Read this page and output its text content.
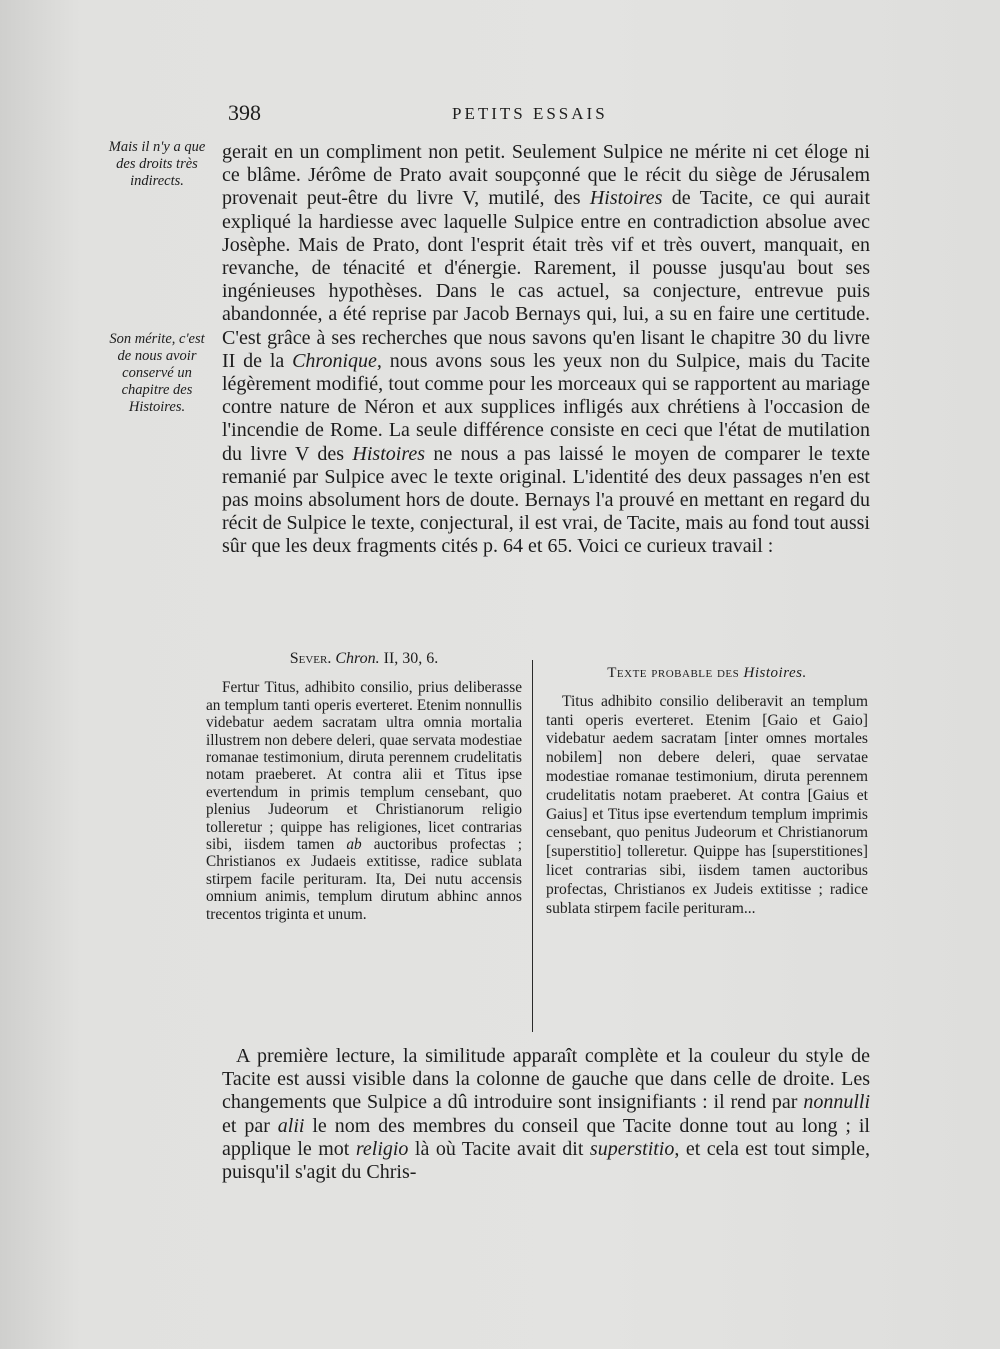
398	PETITS ESSAIS
Mais il n'y a que des droits très indirects.
Son mérite, c'est de nous avoir conservé un chapitre des Histoires.

gerait en un compliment non petit. Seulement Sulpice ne mérite ni cet éloge ni ce blâme. Jérôme de Prato avait soupçonné que le récit du siège de Jérusalem provenait peut-être du livre V, mutilé, des Histoires de Tacite, ce qui aurait expliqué la hardiesse avec laquelle Sulpice entre en contradiction absolue avec Josèphe. Mais de Prato, dont l'esprit était très vif et très ouvert, manquait, en revanche, de ténacité et d'énergie. Rarement, il pousse jusqu'au bout ses ingénieuses hypothèses. Dans le cas actuel, sa conjecture, entrevue puis abandonnée, a été reprise par Jacob Bernays qui, lui, a su en faire une certitude. C'est grâce à ses recherches que nous savons qu'en lisant le chapitre 30 du livre II de la Chronique, nous avons sous les yeux non du Sulpice, mais du Tacite légèrement modifié, tout comme pour les morceaux qui se rapportent au mariage contre nature de Néron et aux supplices infligés aux chrétiens à l'occasion de l'incendie de Rome. La seule différence consiste en ceci que l'état de mutilation du livre V des Histoires ne nous a pas laissé le moyen de comparer le texte remanié par Sulpice avec le texte original. L'identité des deux passages n'en est pas moins absolument hors de doute. Bernays l'a prouvé en mettant en regard du récit de Sulpice le texte, conjectural, il est vrai, de Tacite, mais au fond tout aussi sûr que les deux fragments cités p. 64 et 65. Voici ce curieux travail :

Sever. Chron. II, 30, 6.

Fertur Titus, adhibito consilio, prius deliberasse an templum tanti operis everteret. Etenim nonnullis videbatur aedem sacratam ultra omnia mortalia illustrem non debere deleri, quae servata modestiae romanae testimonium, diruta perennem crudelitatis notam praeberet. At contra alii et Titus ipse evertendum in primis templum censebant, quo plenius Judeorum et Christianorum religio tolleretur ; quippe has religiones, licet contrarias sibi, iisdem tamen ab auctoribus profectas ; Christianos ex Judaeis extitisse, radice sublata stirpem facile perituram. Ita, Dei nutu accensis omnium animis, templum dirutum abhinc annos trecentos triginta et unum.

Texte probable des Histoires.

Titus adhibito consilio deliberavit an templum tanti operis everteret. Etenim [Gaio et Gaio] videbatur aedem sacratam [inter omnes mortales nobilem] non debere deleri, quae servatae modestiae romanae testimonium, diruta perennem crudelitatis notam praeberet. At contra [Gaius et Gaius] et Titus ipse evertendum templum imprimis censebant, quo penitus Judeorum et Christianorum [superstitio] tolleretur. Quippe has [superstitiones] licet contrarias sibi, iisdem tamen auctoribus profectas, Christianos ex Judeis extitisse ; radice sublata stirpem facile perituram...

A première lecture, la similitude apparaît complète et la couleur du style de Tacite est aussi visible dans la colonne de gauche que dans celle de droite. Les changements que Sulpice a dû introduire sont insignifiants : il rend par nonnulli et par alii le nom des membres du conseil que Tacite donne tout au long ; il applique le mot religio là où Tacite avait dit superstitio, et cela est tout simple, puisqu'il s'agit du Chris-
